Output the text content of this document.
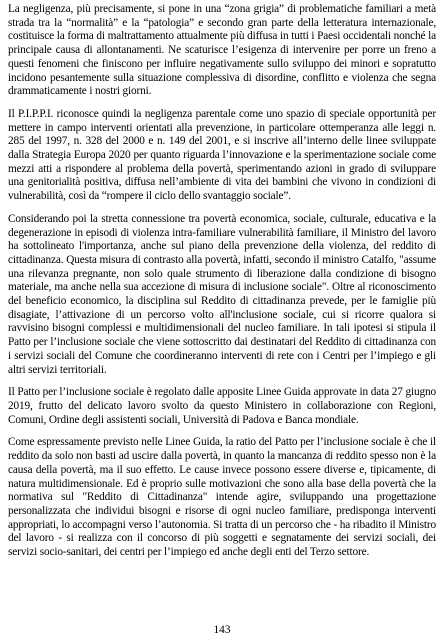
La negligenza, più precisamente, si pone in una “zona grigia” di problematiche familiari a metà strada tra la “normalità” e la “patologia” e secondo gran parte della letteratura internazionale, costituisce la forma di maltrattamento attualmente più diffusa in tutti i Paesi occidentali nonché la principale causa di allontanamenti. Ne scaturisce l’esigenza di intervenire per porre un freno a questi fenomeni che finiscono per influire negativamente sullo sviluppo dei minori e sopratutto incidono pesantemente sulla situazione complessiva di disordine, conflitto e violenza che segna drammaticamente i nostri giorni.

Il P.I.P.P.I. riconosce quindi la negligenza parentale come uno spazio di speciale opportunità per mettere in campo interventi orientati alla prevenzione, in particolare ottemperanza alle leggi n. 285 del 1997, n. 328 del 2000 e n. 149 del 2001, e si inscrive all’interno delle linee sviluppate dalla Strategia Europa 2020 per quanto riguarda l’innovazione e la sperimentazione sociale come mezzi atti a rispondere al problema della povertà, sperimentando azioni in grado di sviluppare una genitorialità positiva, diffusa nell’ambiente di vita dei bambini che vivono in condizioni di vulnerabilità, così da “rompere il ciclo dello svantaggio sociale”.

Considerando poi la stretta connessione tra povertà economica, sociale, culturale, educativa e la degenerazione in episodi di violenza intra-familiare vulnerabilità familiare, il Ministro del lavoro ha sottolineato l'importanza, anche sul piano della prevenzione della violenza, del reddito di cittadinanza. Questa misura di contrasto alla povertà, infatti, secondo il ministro Catalfo, "assume una rilevanza pregnante, non solo quale strumento di liberazione dalla condizione di bisogno materiale, ma anche nella sua accezione di misura di inclusione sociale". Oltre al riconoscimento del beneficio economico, la disciplina sul Reddito di cittadinanza prevede, per le famiglie più disagiate, l’attivazione di un percorso volto all'inclusione sociale, cui si ricorre qualora si ravvisino bisogni complessi e multidimensionali del nucleo familiare. In tali ipotesi si stipula il Patto per l’inclusione sociale che viene sottoscritto dai destinatari del Reddito di cittadinanza con i servizi sociali del Comune che coordineranno interventi di rete con i Centri per l’impiego e gli altri servizi territoriali.

Il Patto per l’inclusione sociale è regolato dalle apposite Linee Guida approvate in data 27 giugno 2019, frutto del delicato lavoro svolto da questo Ministero in collaborazione con Regioni, Comuni, Ordine degli assistenti sociali, Università di Padova e Banca mondiale.

Come espressamente previsto nelle Linee Guida, la ratio del Patto per l’inclusione sociale è che il reddito da solo non basti ad uscire dalla povertà, in quanto la mancanza di reddito spesso non è la causa della povertà, ma il suo effetto. Le cause invece possono essere diverse e, tipicamente, di natura multidimensionale. Ed è proprio sulle motivazioni che sono alla base della povertà che la normativa sul "Reddito di Cittadinanza" intende agire, sviluppando una progettazione personalizzata che individui bisogni e risorse di ogni nucleo familiare, predisponga interventi appropriati, lo accompagni verso l’autonomia. Si tratta di un percorso che - ha ribadito il Ministro del lavoro - si realizza con il concorso di più soggetti e segnatamente dei servizi sociali, dei servizi socio-sanitari, dei centri per l’impiego ed anche degli enti del Terzo settore.

143
